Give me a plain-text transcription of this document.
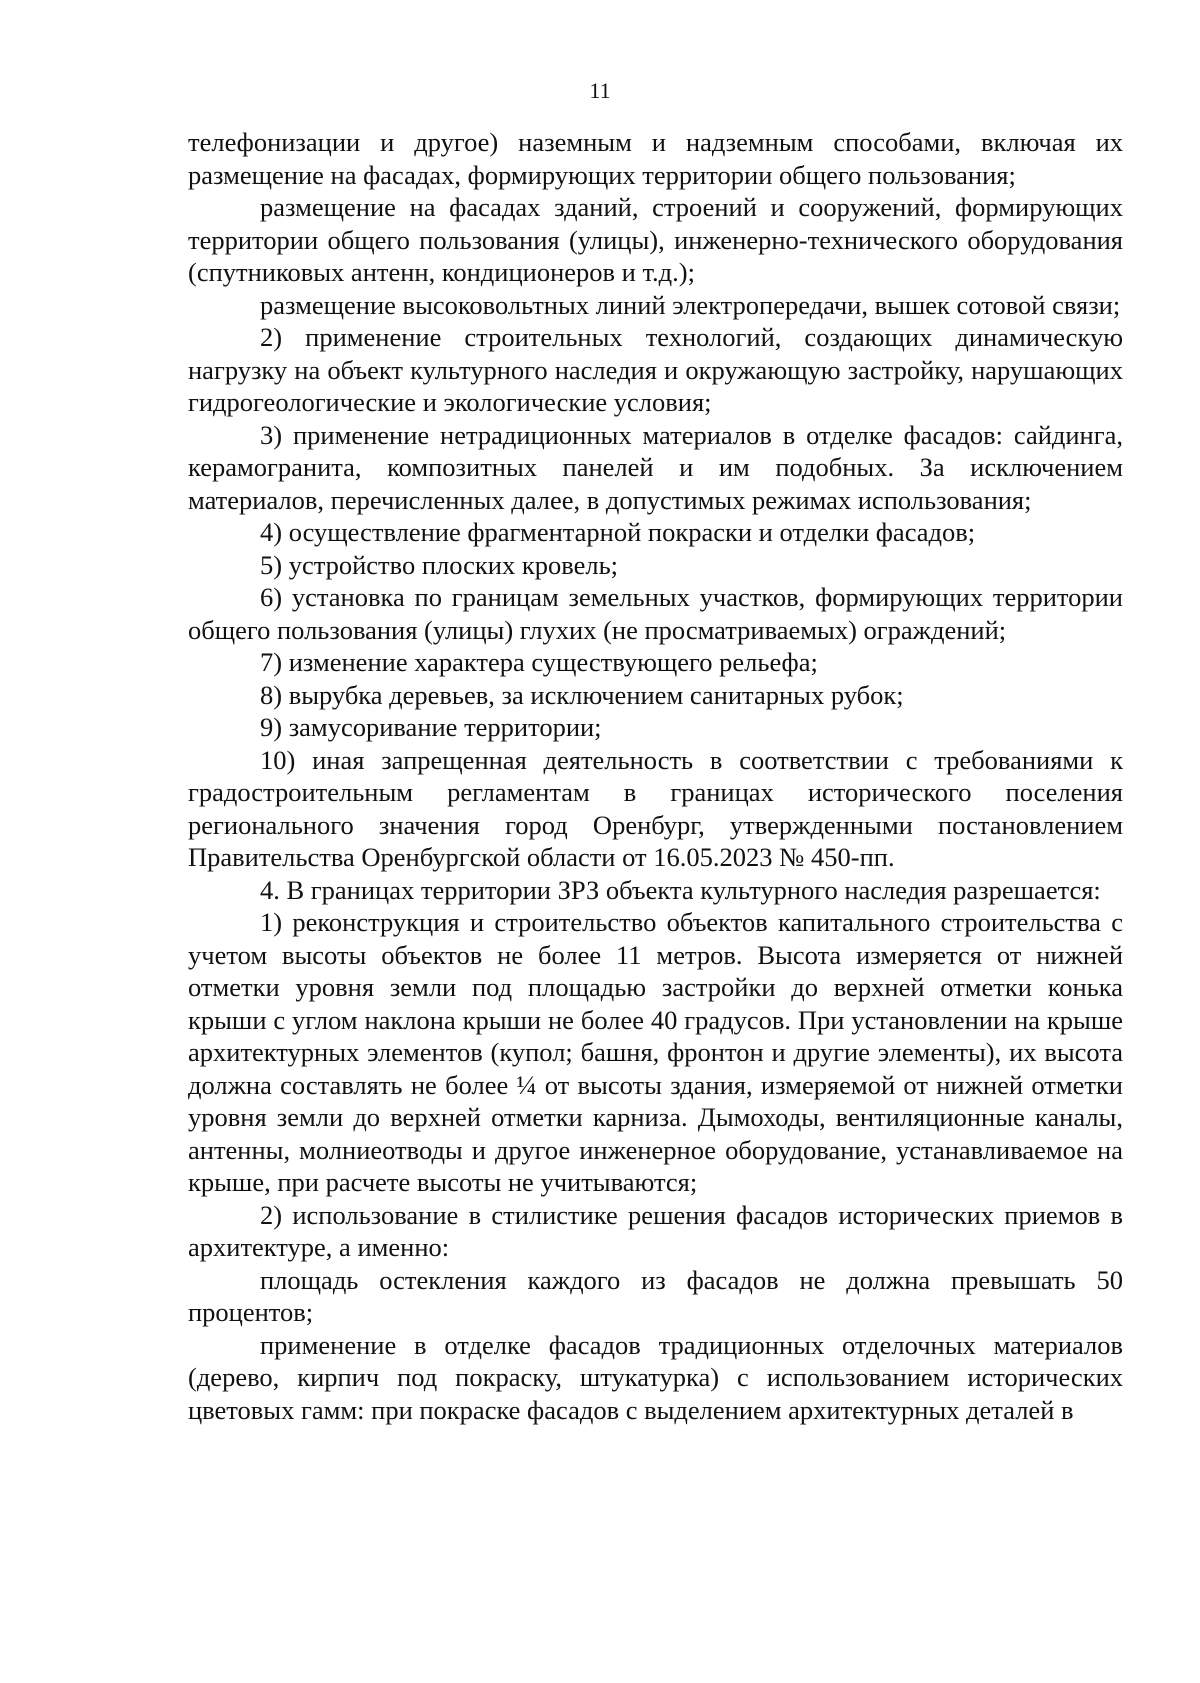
11

телефонизации и другое) наземным и надземным способами, включая их размещение на фасадах, формирующих территории общего пользования;

размещение на фасадах зданий, строений и сооружений, формирующих территории общего пользования (улицы), инженерно-технического оборудования (спутниковых антенн, кондиционеров и т.д.);

размещение высоковольтных линий электропередачи, вышек сотовой связи;

2) применение строительных технологий, создающих динамическую нагрузку на объект культурного наследия и окружающую застройку, нарушающих гидрогеологические и экологические условия;

3) применение нетрадиционных материалов в отделке фасадов: сайдинга, керамогранита, композитных панелей и им подобных. За исключением материалов, перечисленных далее, в допустимых режимах использования;

4) осуществление фрагментарной покраски и отделки фасадов;

5) устройство плоских кровель;

6) установка по границам земельных участков, формирующих территории общего пользования (улицы) глухих (не просматриваемых) ограждений;

7) изменение характера существующего рельефа;

8) вырубка деревьев, за исключением санитарных рубок;

9) замусоривание территории;

10) иная запрещенная деятельность в соответствии с требованиями к градостроительным регламентам в границах исторического поселения регионального значения город Оренбург, утвержденными постановлением Правительства Оренбургской области от 16.05.2023 № 450-пп.

4. В границах территории ЗРЗ объекта культурного наследия разрешается:

1) реконструкция и строительство объектов капитального строительства с учетом высоты объектов не более 11 метров. Высота измеряется от нижней отметки уровня земли под площадью застройки до верхней отметки конька крыши с углом наклона крыши не более 40 градусов. При установлении на крыше архитектурных элементов (купол; башня, фронтон и другие элементы), их высота должна составлять не более ¼ от высоты здания, измеряемой от нижней отметки уровня земли до верхней отметки карниза. Дымоходы, вентиляционные каналы, антенны, молниеотводы и другое инженерное оборудование, устанавливаемое на крыше, при расчете высоты не учитываются;

2) использование в стилистике решения фасадов исторических приемов в архитектуре, а именно:

площадь остекления каждого из фасадов не должна превышать 50 процентов;

применение в отделке фасадов традиционных отделочных материалов (дерево, кирпич под покраску, штукатурка) с использованием исторических цветовых гамм: при покраске фасадов с выделением архитектурных деталей в
